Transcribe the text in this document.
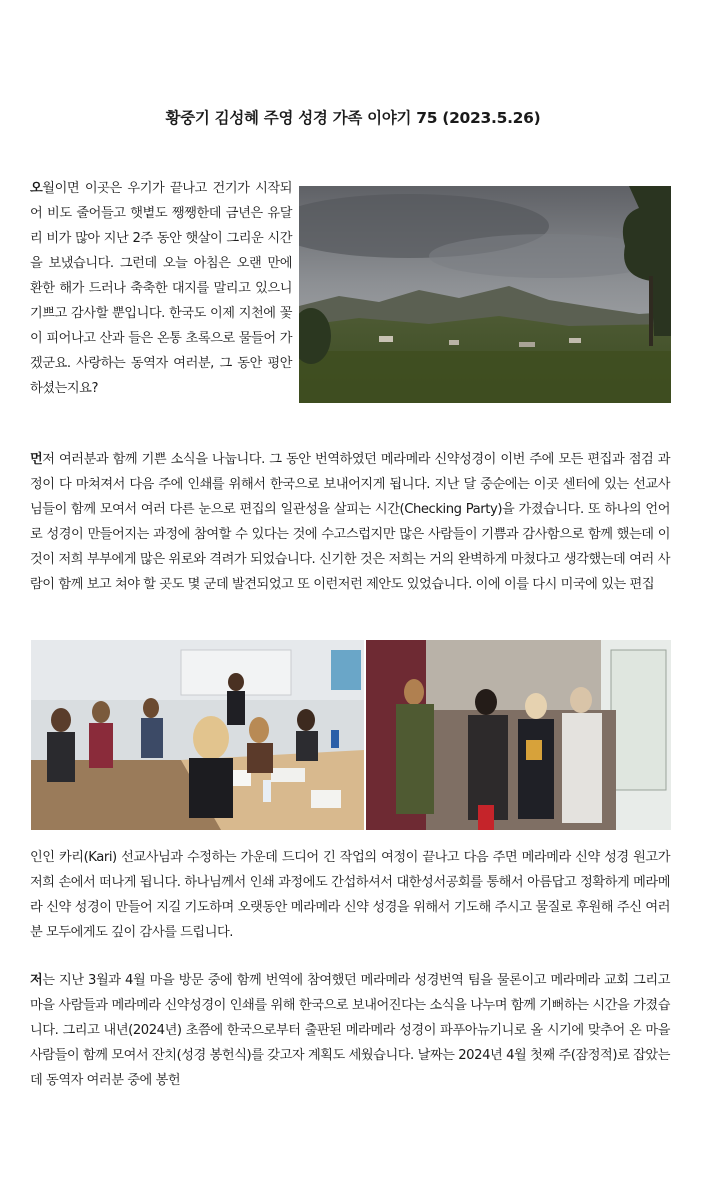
황중기 김성혜 주영 성경 가족 이야기 75 (2023.5.26)

오월이면 이곳은 우기가 끝나고 건기가 시작되어 비도 줄어들고 햇볕도 쨍쨍한데 금년은 유달리 비가 많아 지난 2주 동안 햇살이 그리운 시간을 보냈습니다. 그런데 오늘 아침은 오랜 만에 환한 해가 드러나 축축한 대지를 말리고 있으니 기쁘고 감사할 뿐입니다. 한국도 이제 지천에 꽃이 피어나고 산과 들은 온통 초록으로 물들어 가겠군요. 사랑하는 동역자 여러분, 그 동안 평안하셨는지요?

먼저 여러분과 함께 기쁜 소식을 나눕니다. 그 동안 번역하였던 메라메라 신약성경이 이번 주에 모든 편집과 점검 과정이 다 마쳐져서 다음 주에 인쇄를 위해서 한국으로 보내어지게 됩니다. 지난 달 중순에는 이곳 센터에 있는 선교사님들이 함께 모여서 여러 다른 눈으로 편집의 일관성을 살피는 시간(Checking Party)을 가졌습니다. 또 하나의 언어로 성경이 만들어지는 과정에 참여할 수 있다는 것에 수고스럽지만 많은 사람들이 기쁨과 감사함으로 함께 했는데 이것이 저희 부부에게 많은 위로와 격려가 되었습니다. 신기한 것은 저희는 거의 완벽하게 마쳤다고 생각했는데 여러 사람이 함께 보고 쳐야 할 곳도 몇 군데 발견되었고 또 이런저런 제안도 있었습니다. 이에 이를 다시 미국에 있는 편집

인인 카리(Kari) 선교사님과 수정하는 가운데 드디어 긴 작업의 여정이 끝나고 다음 주면 메라메라 신약 성경 원고가 저희 손에서 떠나게 됩니다. 하나님께서 인쇄 과정에도 간섭하셔서 대한성서공회를 통해서 아름답고 정확하게 메라메라 신약 성경이 만들어 지길 기도하며 오랫동안 메라메라 신약 성경을 위해서 기도해 주시고 물질로 후원해 주신 여러분 모두에게도 깊이 감사를 드립니다.

저는 지난 3월과 4월 마을 방문 중에 함께 번역에 참여했던 메라메라 성경번역 팀을 물론이고 메라메라 교회 그리고 마을 사람들과 메라메라 신약성경이 인쇄를 위해 한국으로 보내어진다는 소식을 나누며 함께 기뻐하는 시간을 가졌습니다. 그리고 내년(2024년) 초쯤에 한국으로부터 출판된 메라메라 성경이 파푸아뉴기니로 올 시기에 맞추어 온 마을 사람들이 함께 모여서 잔치(성경 봉헌식)를 갖고자 계획도 세웠습니다. 날짜는 2024년 4월 첫째 주(잠정적)로 잡았는데 동역자 여러분 중에 봉헌
